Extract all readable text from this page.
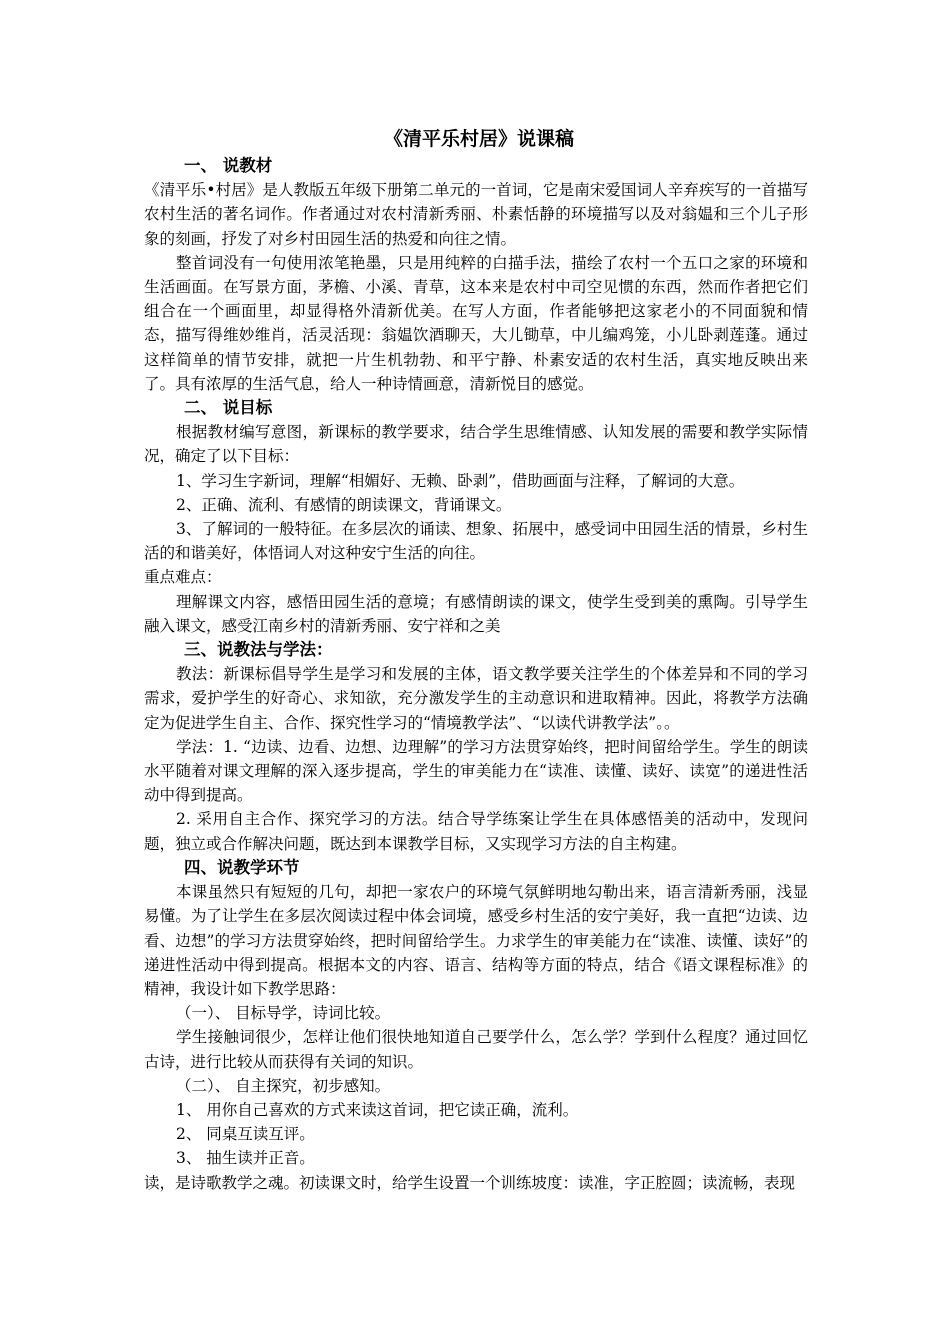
《清平乐村居》说课稿

一、 说教材

《清平乐•村居》是人教版五年级下册第二单元的一首词，它是南宋爱国词人辛弃疾写的一首描写农村生活的著名词作。作者通过对农村清新秀丽、朴素恬静的环境描写以及对翁媪和三个儿子形象的刻画，抒发了对乡村田园生活的热爱和向往之情。

整首词没有一句使用浓笔艳墨，只是用纯粹的白描手法，描绘了农村一个五口之家的环境和生活画面。在写景方面，茅檐、小溪、青草，这本来是农村中司空见惯的东西，然而作者把它们组合在一个画面里，却显得格外清新优美。在写人方面，作者能够把这家老小的不同面貌和情态，描写得维妙维肖，活灵活现：翁媪饮酒聊天，大儿锄草，中儿编鸡笼，小儿卧剥莲蓬。通过这样简单的情节安排，就把一片生机勃勃、和平宁静、朴素安适的农村生活，真实地反映出来了。具有浓厚的生活气息，给人一种诗情画意，清新悦目的感觉。

二、 说目标

根据教材编写意图，新课标的教学要求，结合学生思维情感、认知发展的需要和教学实际情况，确定了以下目标：

1、学习生字新词，理解“相媚好、无赖、卧剥”，借助画面与注释，了解词的大意。

2、正确、流利、有感情的朗读课文，背诵课文。

3、了解词的一般特征。在多层次的诵读、想象、拓展中，感受词中田园生活的情景，乡村生活的和谐美好，体悟词人对这种安宁生活的向往。

重点难点：

理解课文内容，感悟田园生活的意境；有感情朗读的课文，使学生受到美的熏陶。引导学生融入课文，感受江南乡村的清新秀丽、安宁祥和之美

三、说教法与学法：

教法：新课标倡导学生是学习和发展的主体，语文教学要关注学生的个体差异和不同的学习需求，爱护学生的好奇心、求知欲，充分激发学生的主动意识和进取精神。因此，将教学方法确定为促进学生自主、合作、探究性学习的“情境教学法”、“以读代讲教学法”。。

学法：1. “边读、边看、边想、边理解”的学习方法贯穿始终，把时间留给学生。学生的朗读水平随着对课文理解的深入逐步提高，学生的审美能力在“读准、读懂、读好、读宽”的递进性活动中得到提高。

2. 采用自主合作、探究学习的方法。结合导学练案让学生在具体感悟美的活动中，发现问题，独立或合作解决问题，既达到本课教学目标，又实现学习方法的自主构建。

四、说教学环节

本课虽然只有短短的几句，却把一家农户的环境气氛鲜明地勾勒出来，语言清新秀丽，浅显易懂。为了让学生在多层次阅读过程中体会词境，感受乡村生活的安宁美好，我一直把“边读、边看、边想”的学习方法贯穿始终，把时间留给学生。力求学生的审美能力在“读准、读懂、读好”的递进性活动中得到提高。根据本文的内容、语言、结构等方面的特点，结合《语文课程标准》的精神，我设计如下教学思路：

（一）、 目标导学，诗词比较。

学生接触词很少，怎样让他们很快地知道自己要学什么，怎么学？学到什么程度？通过回忆古诗，进行比较从而获得有关词的知识。

（二）、 自主探究，初步感知。

1、 用你自己喜欢的方式来读这首词，把它读正确，流利。

2、 同桌互读互评。

3、 抽生读并正音。

读，是诗歌教学之魂。初读课文时，给学生设置一个训练坡度：读准，字正腔圆；读流畅，表现
